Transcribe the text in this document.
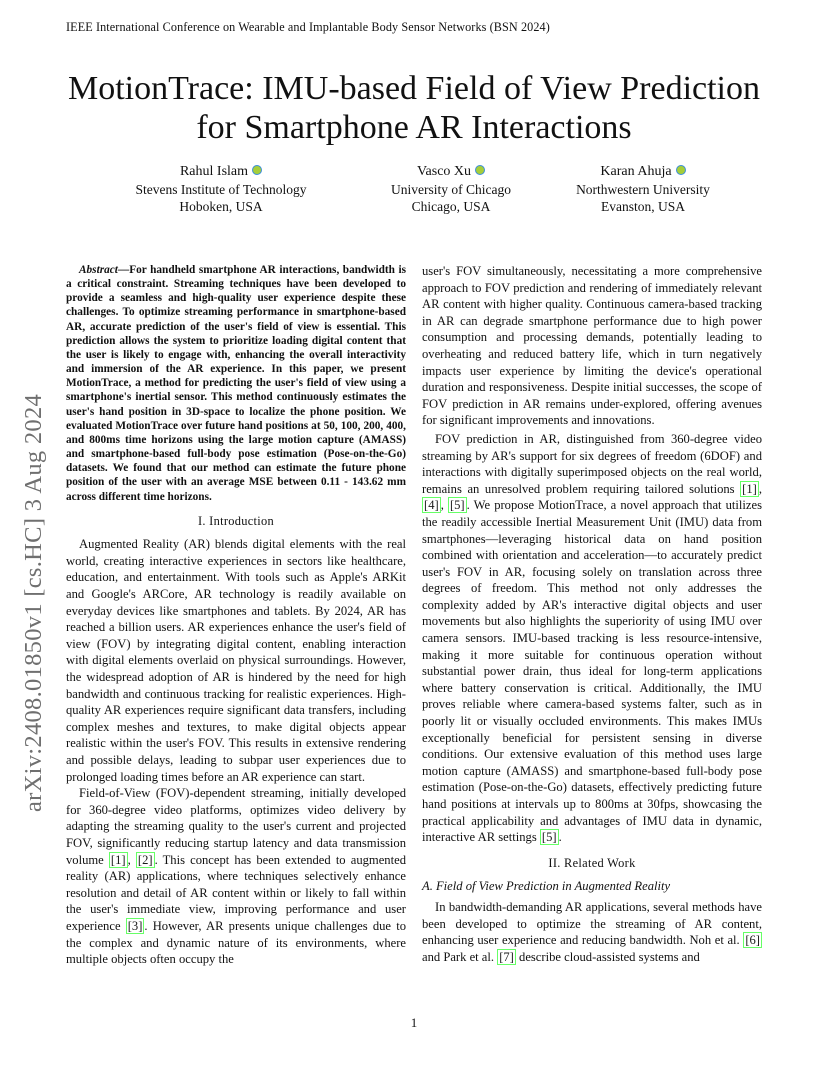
IEEE International Conference on Wearable and Implantable Body Sensor Networks (BSN 2024)
MotionTrace: IMU-based Field of View Prediction
for Smartphone AR Interactions
Rahul Islam
Stevens Institute of Technology
Hoboken, USA
Vasco Xu
University of Chicago
Chicago, USA
Karan Ahuja
Northwestern University
Evanston, USA
arXiv:2408.01850v1 [cs.HC] 3 Aug 2024

Abstract—For handheld smartphone AR interactions, bandwidth is a critical constraint. Streaming techniques have been developed to provide a seamless and high-quality user experience despite these challenges. To optimize streaming performance in smartphone-based AR, accurate prediction of the user's field of view is essential. This prediction allows the system to prioritize loading digital content that the user is likely to engage with, enhancing the overall interactivity and immersion of the AR experience. In this paper, we present MotionTrace, a method for predicting the user's field of view using a smartphone's inertial sensor. This method continuously estimates the user's hand position in 3D-space to localize the phone position. We evaluated MotionTrace over future hand positions at 50, 100, 200, 400, and 800ms time horizons using the large motion capture (AMASS) and smartphone-based full-body pose estimation (Pose-on-the-Go) datasets. We found that our method can estimate the future phone position of the user with an average MSE between 0.11 - 143.62 mm across different time horizons.

I. Introduction

Augmented Reality (AR) blends digital elements with the real world, creating interactive experiences in sectors like healthcare, education, and entertainment. With tools such as Apple's ARKit and Google's ARCore, AR technology is readily available on everyday devices like smartphones and tablets. By 2024, AR has reached a billion users. AR experiences enhance the user's field of view (FOV) by integrating digital content, enabling interaction with digital elements overlaid on physical surroundings. However, the widespread adoption of AR is hindered by the need for high bandwidth and continuous tracking for realistic experiences. High-quality AR experiences require significant data transfers, including complex meshes and textures, to make digital objects appear realistic within the user's FOV. This results in extensive rendering and possible delays, leading to subpar user experiences due to prolonged loading times before an AR experience can start.

Field-of-View (FOV)-dependent streaming, initially developed for 360-degree video platforms, optimizes video delivery by adapting the streaming quality to the user's current and projected FOV, significantly reducing startup latency and data transmission volume [1] , [2] . This concept has been extended to augmented reality (AR) applications, where techniques selectively enhance resolution and detail of AR content within or likely to fall within the user's immediate view, improving performance and user experience [3] . However, AR presents unique challenges due to the complex and dynamic nature of its environments, where multiple objects often occupy the

user's FOV simultaneously, necessitating a more comprehensive approach to FOV prediction and rendering of immediately relevant AR content with higher quality. Continuous camera-based tracking in AR can degrade smartphone performance due to high power consumption and processing demands, potentially leading to overheating and reduced battery life, which in turn negatively impacts user experience by limiting the device's operational duration and responsiveness. Despite initial successes, the scope of FOV prediction in AR remains under-explored, offering avenues for significant improvements and innovations.

FOV prediction in AR, distinguished from 360-degree video streaming by AR's support for six degrees of freedom (6DOF) and interactions with digitally superimposed objects on the real world, remains an unresolved problem requiring tailored solutions [1] , [4] , [5] . We propose MotionTrace, a novel approach that utilizes the readily accessible Inertial Measurement Unit (IMU) data from smartphones—leveraging historical data on hand position combined with orientation and acceleration—to accurately predict user's FOV in AR, focusing solely on translation across three degrees of freedom. This method not only addresses the complexity added by AR's interactive digital objects and user movements but also highlights the superiority of using IMU over camera sensors. IMU-based tracking is less resource-intensive, making it more suitable for continuous operation without substantial power drain, thus ideal for long-term applications where battery conservation is critical. Additionally, the IMU proves reliable where camera-based systems falter, such as in poorly lit or visually occluded environments. This makes IMUs exceptionally beneficial for persistent sensing in diverse conditions. Our extensive evaluation of this method uses large motion capture (AMASS) and smartphone-based full-body pose estimation (Pose-on-the-Go) datasets, effectively predicting future hand positions at intervals up to 800ms at 30fps, showcasing the practical applicability and advantages of IMU data in dynamic, interactive AR settings [5] .

II. Related Work
A. Field of View Prediction in Augmented Reality

In bandwidth-demanding AR applications, several methods have been developed to optimize the streaming of AR content, enhancing user experience and reducing bandwidth. Noh et al. [6] and Park et al. [7] describe cloud-assisted systems and

1
